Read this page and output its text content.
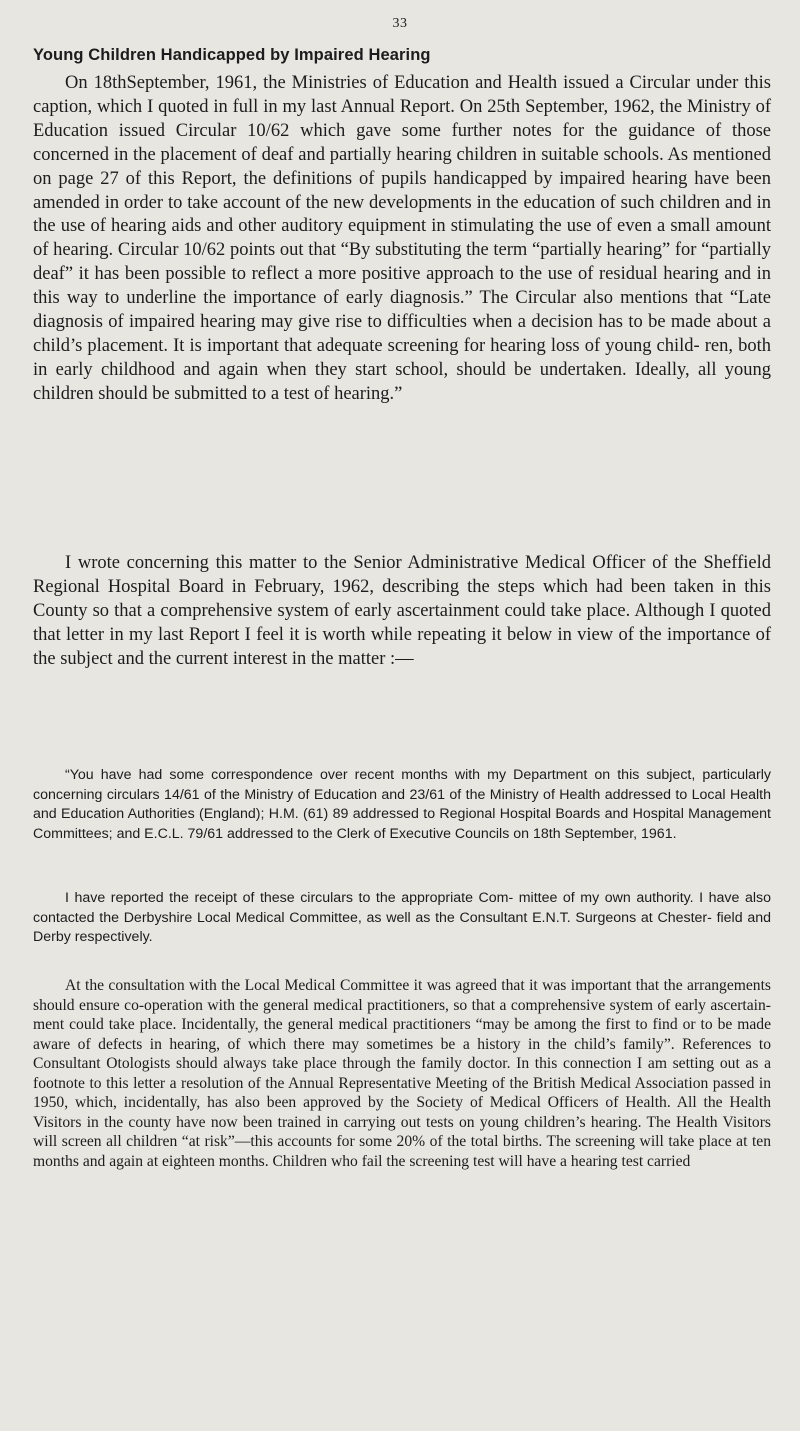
33
Young Children Handicapped by Impaired Hearing

On 18thSeptember, 1961, the Ministries of Education and Health issued a Circular under this caption, which I quoted in full in my last Annual Report. On 25th September, 1962, the Ministry of Education issued Circular 10/62 which gave some further notes for the guidance of those concerned in the placement of deaf and partially hearing children in suitable schools. As mentioned on page 27 of this Report, the definitions of pupils handicapped by impaired hearing have been amended in order to take account of the new developments in the education of such children and in the use of hearing aids and other auditory equipment in stimulating the use of even a small amount of hearing. Circular 10/62 points out that “By substituting the term “partially hearing” for “partially deaf” it has been possible to reflect a more positive approach to the use of residual hearing and in this way to underline the importance of early diagnosis.” The Circular also mentions that “Late diagnosis of impaired hearing may give rise to difficulties when a decision has to be made about a child’s placement. It is important that adequate screening for hearing loss of young child- ren, both in early childhood and again when they start school, should be undertaken. Ideally, all young children should be submitted to a test of hearing.”

I wrote concerning this matter to the Senior Administrative Medical Officer of the Sheffield Regional Hospital Board in February, 1962, describing the steps which had been taken in this County so that a comprehensive system of early ascertainment could take place. Although I quoted that letter in my last Report I feel it is worth while repeating it below in view of the importance of the subject and the current interest in the matter :—

“You have had some correspondence over recent months with my Department on this subject, particularly concerning circulars 14/61 of the Ministry of Education and 23/61 of the Ministry of Health addressed to Local Health and Education Authorities (England); H.M. (61) 89 addressed to Regional Hospital Boards and Hospital Management Committees; and E.C.L. 79/61 addressed to the Clerk of Executive Councils on 18th September, 1961.

I have reported the receipt of these circulars to the appropriate Com- mittee of my own authority. I have also contacted the Derbyshire Local Medical Committee, as well as the Consultant E.N.T. Surgeons at Chester- field and Derby respectively.

At the consultation with the Local Medical Committee it was agreed that it was important that the arrangements should ensure co-operation with the general medical practitioners, so that a comprehensive system of early ascertain- ment could take place. Incidentally, the general medical practitioners “may be among the first to find or to be made aware of defects in hearing, of which there may sometimes be a history in the child’s family”. References to Consultant Otologists should always take place through the family doctor. In this connection I am setting out as a footnote to this letter a resolution of the Annual Representative Meeting of the British Medical Association passed in 1950, which, incidentally, has also been approved by the Society of Medical Officers of Health. All the Health Visitors in the county have now been trained in carrying out tests on young children’s hearing. The Health Visitors will screen all children “at risk”—this accounts for some 20% of the total births. The screening will take place at ten months and again at eighteen months. Children who fail the screening test will have a hearing test carried
